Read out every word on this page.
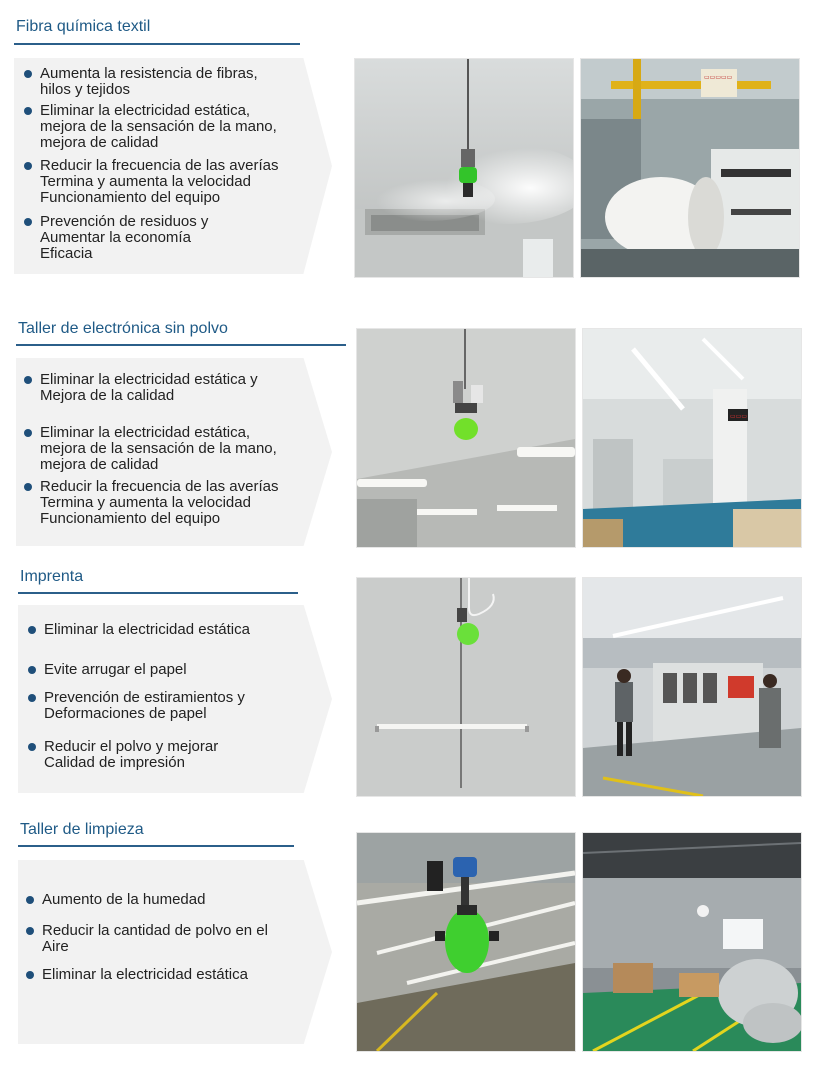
Fibra química textil
Aumenta la resistencia de fibras,
hilos y tejidos
Eliminar la electricidad estática,
mejora de la sensación de la mano,
mejora de calidad
Reducir la frecuencia de las averías
Termina y aumenta la velocidad
Funcionamiento del equipo
Prevención de residuos y
Aumentar la economía
Eficacia
▭▭▭▭▭
Taller de electrónica sin polvo
Eliminar la electricidad estática y
Mejora de la calidad
Eliminar la electricidad estática,
mejora de la sensación de la mano,
mejora de calidad
Reducir la frecuencia de las averías
Termina y aumenta la velocidad
Funcionamiento del equipo
▭▭▭
Imprenta
Eliminar la electricidad estática
Evite arrugar el papel
Prevención de estiramientos y
Deformaciones de papel
Reducir el polvo y mejorar
Calidad de impresión
Taller de limpieza
Aumento de la humedad
Reducir la cantidad de polvo en el
Aire
Eliminar la electricidad estática
